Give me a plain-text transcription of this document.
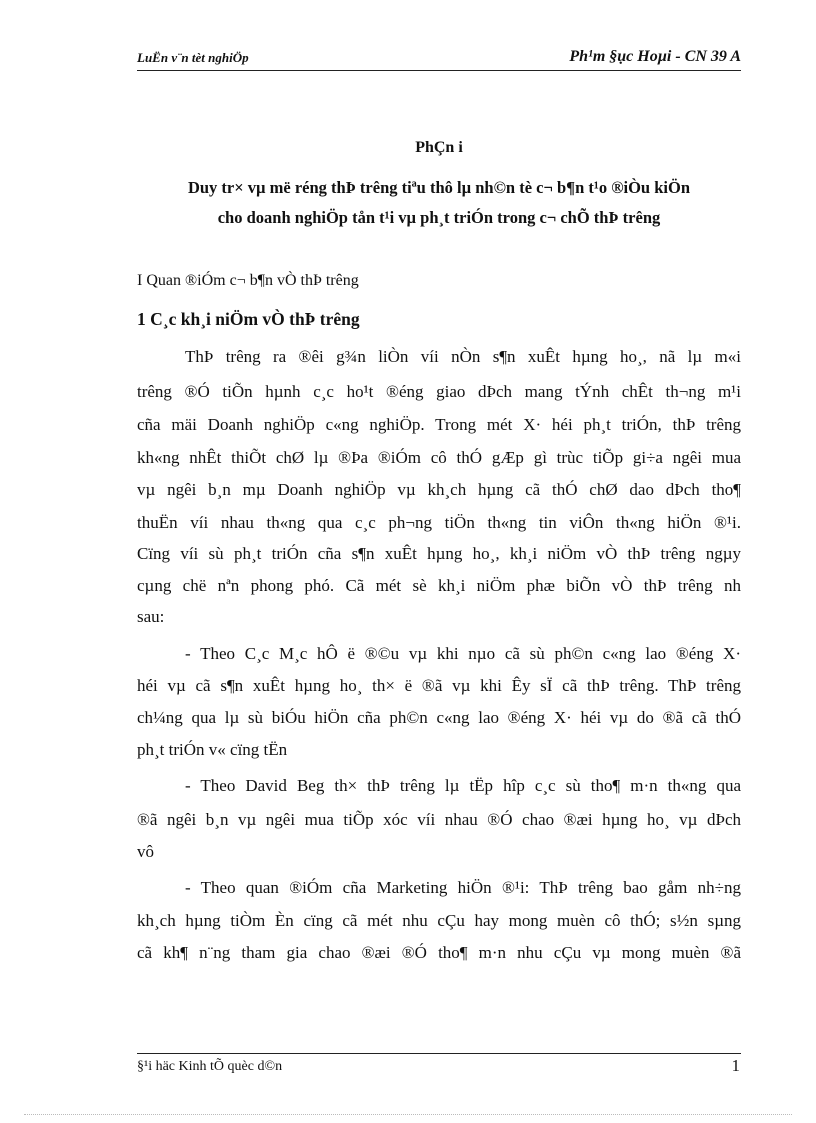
LuËn v¨n tèt nghiÖp	Ph¹m §ục Hoµi - CN 39 A
PhÇn i
Duy tr× vµ më réng thÞ trêng tiªu thô lµ nh©n tè c¬ b¶n t¹o ®iÒu kiÖn
cho doanh nghiÖp tån t¹i vµ ph¸t triÓn trong c¬ chÕ thÞ trêng
I Quan ®iÓm c¬ b¶n vÒ thÞ trêng
1 C¸c kh¸i niÖm vÒ thÞ trêng
ThÞ trêng ra ®êi g¾n liÒn víi nÒn s¶n xuÊt hµng ho¸, nã lµ m«i
trêng ®Ó tiÕn hµnh c¸c ho¹t ®éng giao dÞch mang tÝnh chÊt th¬ng m¹i
cña mäi Doanh nghiÖp c«ng nghiÖp. Trong mét X· héi ph¸t triÓn, thÞ trêng
kh«ng nhÊt thiÕt chØ lµ ®Þa ®iÓm cô thÓ gÆp gì trùc tiÕp gi÷a ngêi mua
vµ ngêi b¸n mµ Doanh nghiÖp vµ kh¸ch hµng cã thÓ chØ dao dÞch tho¶
thuËn víi nhau th«ng qua c¸c ph¬ng tiÖn th«ng tin viÔn th«ng hiÖn ®¹i.
Cïng víi sù ph¸t triÓn cña s¶n xuÊt hµng ho¸, kh¸i niÖm vÒ thÞ trêng ngµy
cµng chë nªn phong phó. Cã mét sè kh¸i niÖm phæ biÕn vÒ thÞ trêng nh
sau:
- Theo C¸c M¸c hÔ ë ®©u vµ khi nµo cã sù ph©n c«ng lao ®éng X·
héi vµ cã s¶n xuÊt hµng ho¸ th× ë ®ã vµ khi Êy sÏ cã thÞ trêng. ThÞ trêng
ch¼ng qua lµ sù biÓu hiÖn cña ph©n c«ng lao ®éng X· héi vµ do ®ã cã thÓ
ph¸t triÓn v« cïng tËn
- Theo David Beg th× thÞ trêng lµ tËp hîp c¸c sù tho¶ m·n th«ng qua
®ã ngêi b¸n vµ ngêi mua tiÕp xóc víi nhau ®Ó chao ®æi hµng ho¸ vµ dÞch
vô
- Theo quan ®iÓm cña Marketing hiÖn ®¹i: ThÞ trêng bao gåm nh÷ng
kh¸ch hµng tiÒm Èn cïng cã mét nhu cÇu hay mong muèn cô thÓ; s½n sµng
cã kh¶ n¨ng tham gia chao ®æi ®Ó tho¶ m·n nhu cÇu vµ mong muèn ®ã
§¹i häc Kinh tÕ quèc d©n	1
